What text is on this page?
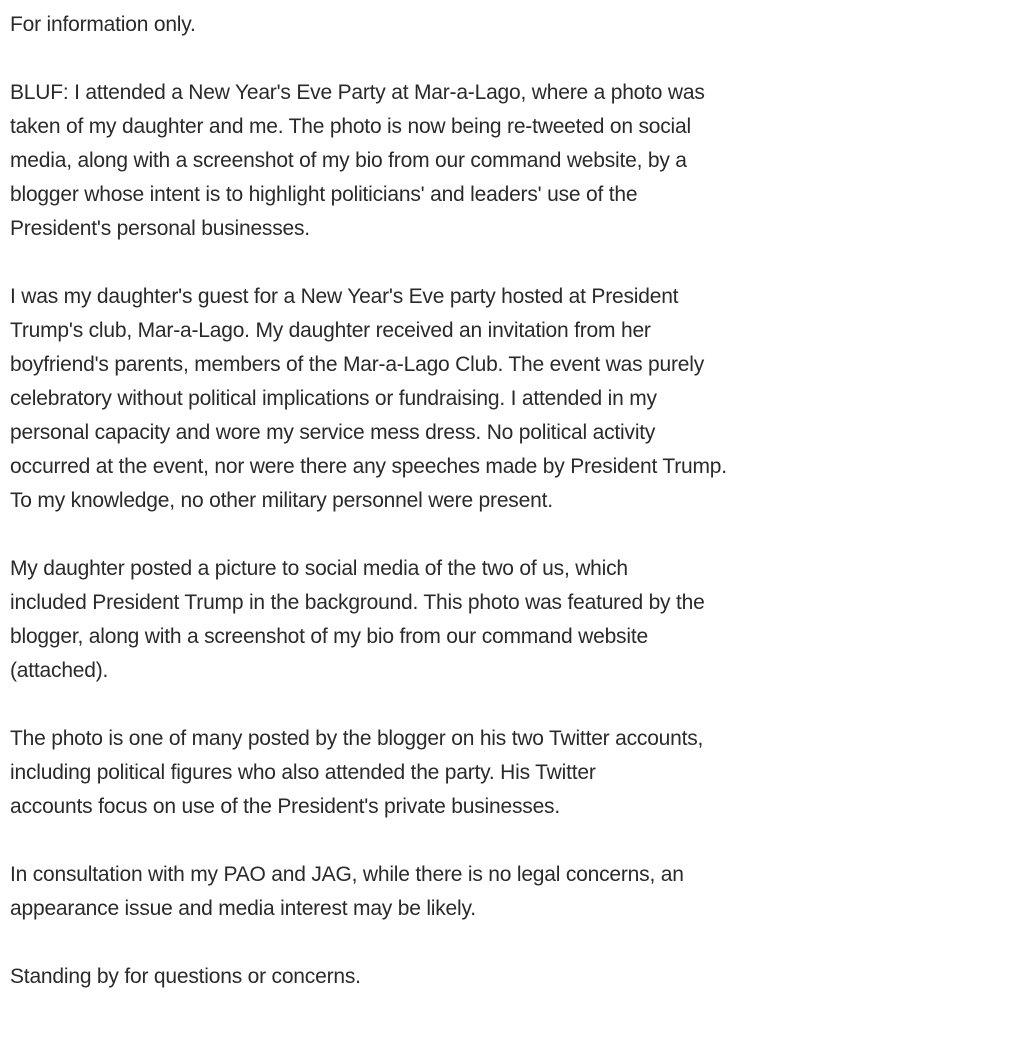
For information only.

BLUF: I attended a New Year's Eve Party at Mar-a-Lago, where a photo was
taken of my daughter and me. The photo is now being re-tweeted on social
media, along with a screenshot of my bio from our command website, by a
blogger whose intent is to highlight politicians' and leaders' use of the
President's personal businesses.

I was my daughter's guest for a New Year's Eve party hosted at President
Trump's club, Mar-a-Lago. My daughter received an invitation from her
boyfriend's parents, members of the Mar-a-Lago Club. The event was purely
celebratory without political implications or fundraising. I attended in my
personal capacity and wore my service mess dress. No political activity
occurred at the event, nor were there any speeches made by President Trump.
To my knowledge, no other military personnel were present.

My daughter posted a picture to social media of the two of us, which
included President Trump in the background. This photo was featured by the
blogger, along with a screenshot of my bio from our command website
(attached).

The photo is one of many posted by the blogger on his two Twitter accounts,
including political figures who also attended the party. His Twitter
accounts focus on use of the President's private businesses.

In consultation with my PAO and JAG, while there is no legal concerns, an
appearance issue and media interest may be likely.

Standing by for questions or concerns.
